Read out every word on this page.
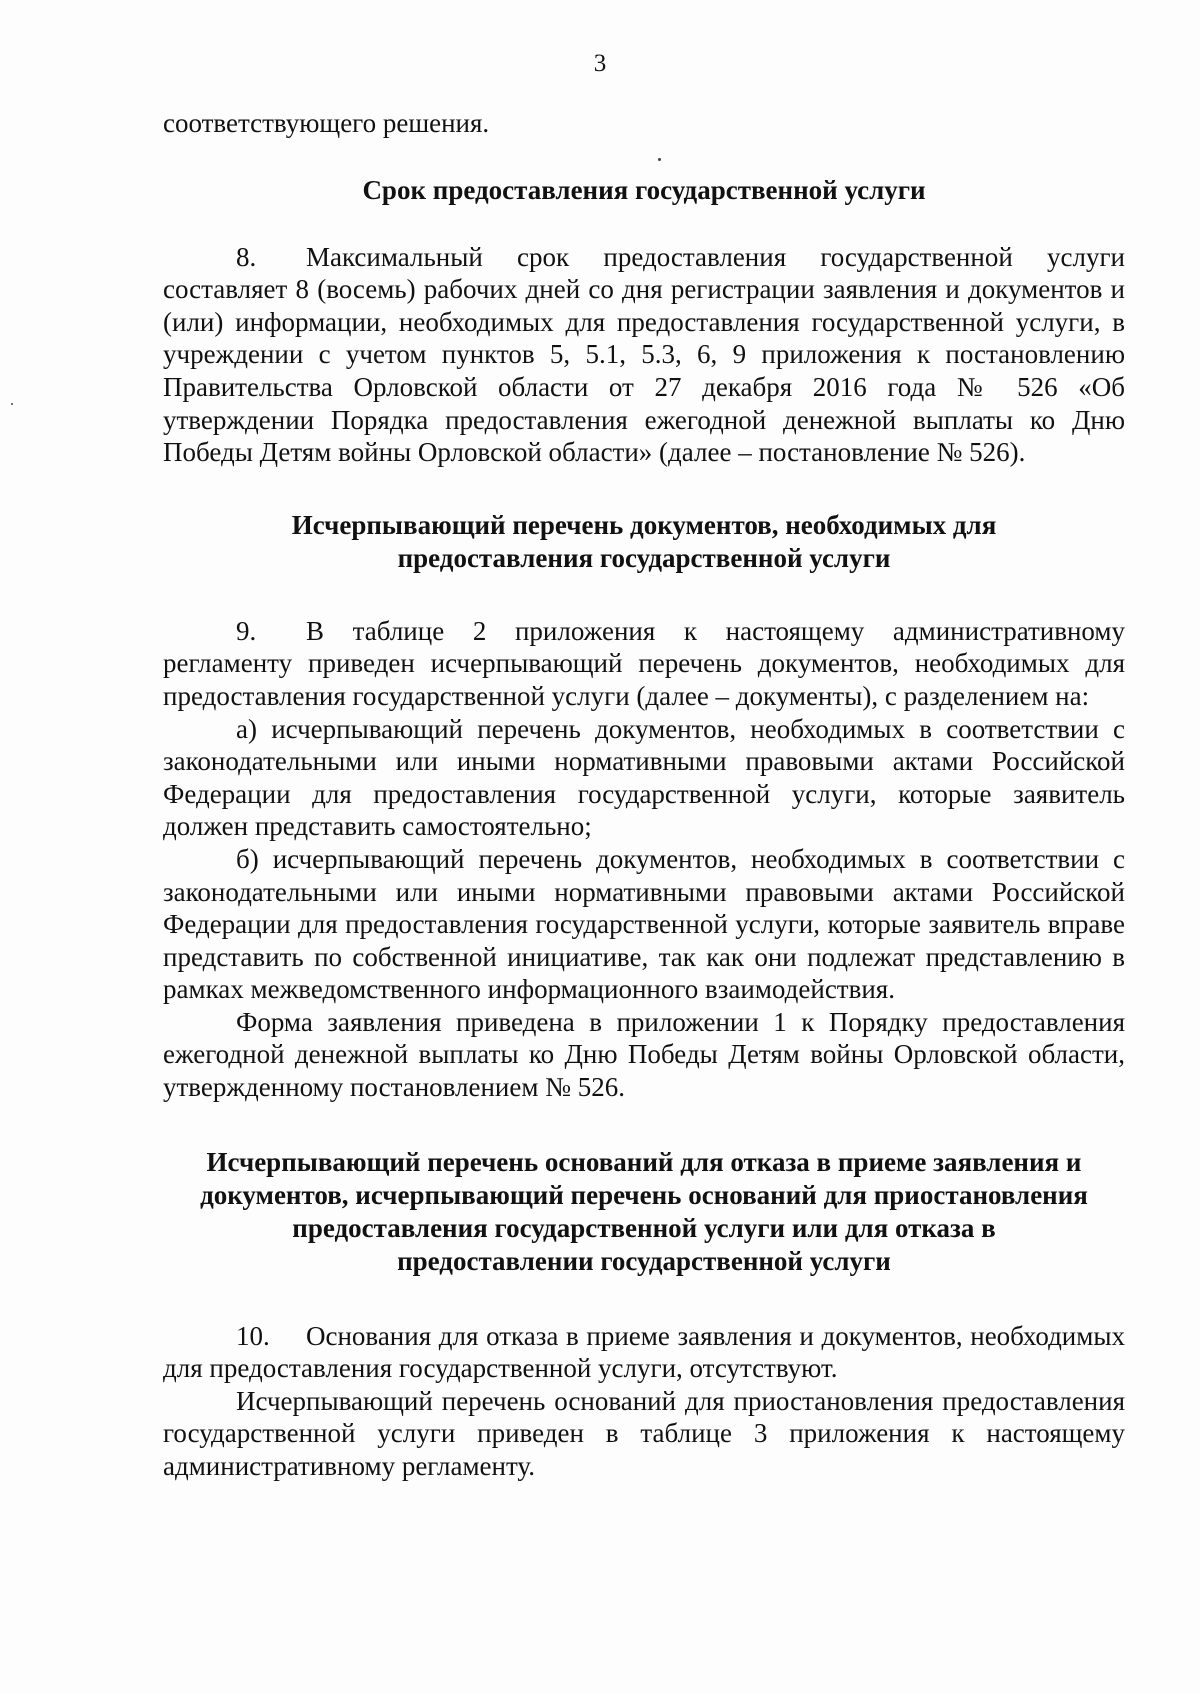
3

соответствующего решения.

Срок предоставления государственной услуги

8. Максимальный срок предоставления государственной услуги составляет 8 (восемь) рабочих дней со дня регистрации заявления и документов и (или) информации, необходимых для предоставления государственной услуги, в учреждении с учетом пунктов 5, 5.1, 5.3, 6, 9 приложения к постановлению Правительства Орловской области от 27 декабря 2016 года № 526 «Об утверждении Порядка предоставления ежегодной денежной выплаты ко Дню Победы Детям войны Орловской области» (далее – постановление № 526).

Исчерпывающий перечень документов, необходимых для
предоставления государственной услуги

9. В таблице 2 приложения к настоящему административному регламенту приведен исчерпывающий перечень документов, необходимых для предоставления государственной услуги (далее – документы), с разделением на:

а) исчерпывающий перечень документов, необходимых в соответствии с законодательными или иными нормативными правовыми актами Российской Федерации для предоставления государственной услуги, которые заявитель должен представить самостоятельно;

б) исчерпывающий перечень документов, необходимых в соответствии с законодательными или иными нормативными правовыми актами Российской Федерации для предоставления государственной услуги, которые заявитель вправе представить по собственной инициативе, так как они подлежат представлению в рамках межведомственного информационного взаимодействия.

Форма заявления приведена в приложении 1 к Порядку предоставления ежегодной денежной выплаты ко Дню Победы Детям войны Орловской области, утвержденному постановлением № 526.

Исчерпывающий перечень оснований для отказа в приеме заявления и
документов, исчерпывающий перечень оснований для приостановления
предоставления государственной услуги или для отказа в
предоставлении государственной услуги

10. Основания для отказа в приеме заявления и документов, необходимых для предоставления государственной услуги, отсутствуют.

Исчерпывающий перечень оснований для приостановления предоставления государственной услуги приведен в таблице 3 приложения к настоящему административному регламенту.
